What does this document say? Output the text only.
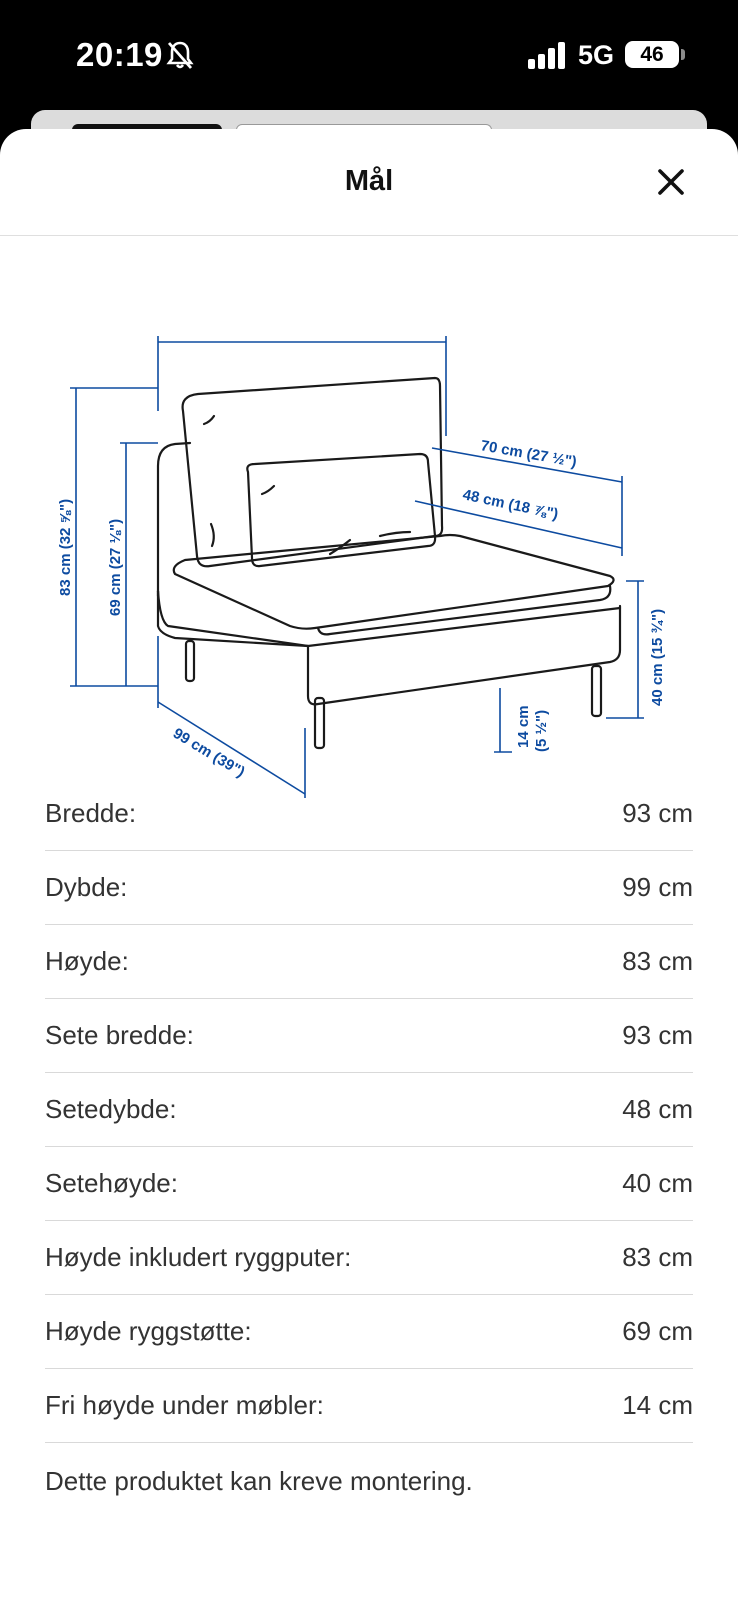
20:19	5G	46
Mål
70 cm (27 ½")
48 cm (18 ⅞")
83 cm (32 ⅝") 69 cm (27 ⅛")
40 cm (15 ¾")
99 cm (39")	14 cm (5 ½")
Bredde:	93 cm
Dybde:	99 cm
Høyde:	83 cm
Sete bredde:	93 cm
Setedybde:	48 cm
Setehøyde:	40 cm
Høyde inkludert ryggputer:	83 cm
Høyde ryggstøtte:	69 cm
Fri høyde under møbler:	14 cm
Dette produktet kan kreve montering.
